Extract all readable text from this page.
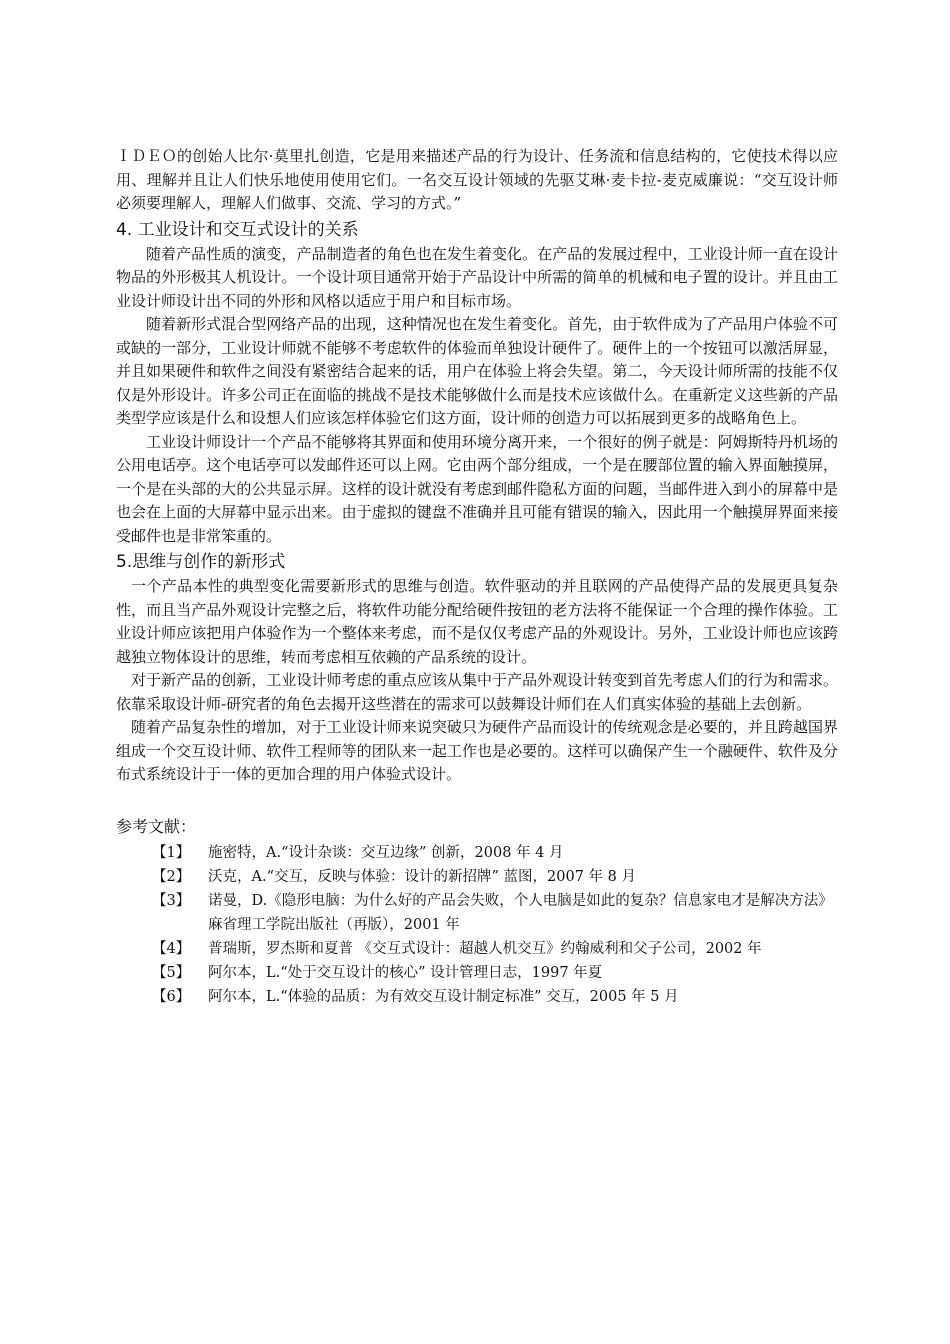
ＩＤＥＯ的创始人比尔·莫里扎创造，它是用来描述产品的行为设计、任务流和信息结构的，它使技术得以应用、理解并且让人们快乐地使用使用它们。一名交互设计领域的先驱艾琳·麦卡拉-麦克威廉说：“交互设计师必须要理解人，理解人们做事、交流、学习的方式。”

4. 工业设计和交互式设计的关系

随着产品性质的演变，产品制造者的角色也在发生着变化。在产品的发展过程中，工业设计师一直在设计物品的外形极其人机设计。一个设计项目通常开始于产品设计中所需的简单的机械和电子置的设计。并且由工业设计师设计出不同的外形和风格以适应于用户和目标市场。

随着新形式混合型网络产品的出现，这种情况也在发生着变化。首先，由于软件成为了产品用户体验不可或缺的一部分，工业设计师就不能够不考虑软件的体验而单独设计硬件了。硬件上的一个按钮可以激活屏显，并且如果硬件和软件之间没有紧密结合起来的话，用户在体验上将会失望。第二，今天设计师所需的技能不仅仅是外形设计。许多公司正在面临的挑战不是技术能够做什么而是技术应该做什么。在重新定义这些新的产品类型学应该是什么和设想人们应该怎样体验它们这方面，设计师的创造力可以拓展到更多的战略角色上。

工业设计师设计一个产品不能够将其界面和使用环境分离开来，一个很好的例子就是：阿姆斯特丹机场的公用电话亭。这个电话亭可以发邮件还可以上网。它由两个部分组成，一个是在腰部位置的输入界面触摸屏，一个是在头部的大的公共显示屏。这样的设计就没有考虑到邮件隐私方面的问题，当邮件进入到小的屏幕中是也会在上面的大屏幕中显示出来。由于虚拟的键盘不准确并且可能有错误的输入，因此用一个触摸屏界面来接受邮件也是非常笨重的。

5.思维与创作的新形式

一个产品本性的典型变化需要新形式的思维与创造。软件驱动的并且联网的产品使得产品的发展更具复杂性，而且当产品外观设计完整之后，将软件功能分配给硬件按钮的老方法将不能保证一个合理的操作体验。工业设计师应该把用户体验作为一个整体来考虑，而不是仅仅考虑产品的外观设计。另外，工业设计师也应该跨越独立物体设计的思维，转而考虑相互依赖的产品系统的设计。

对于新产品的创新，工业设计师考虑的重点应该从集中于产品外观设计转变到首先考虑人们的行为和需求。依靠采取设计师-研究者的角色去揭开这些潜在的需求可以鼓舞设计师们在人们真实体验的基础上去创新。

随着产品复杂性的增加，对于工业设计师来说突破只为硬件产品而设计的传统观念是必要的，并且跨越国界组成一个交互设计师、软件工程师等的团队来一起工作也是必要的。这样可以确保产生一个融硬件、软件及分布式系统设计于一体的更加合理的用户体验式设计。

参考文献：
【1】	施密特，A.“设计杂谈：交互边缘” 创新，2008 年 4 月
【2】	沃克，A.“交互，反映与体验：设计的新招牌” 蓝图，2007 年 8 月
【3】	诺曼，D.《隐形电脑：为什么好的产品会失败，个人电脑是如此的复杂？信息家电才是解决方法》 麻省理工学院出版社（再版），2001 年
【4】	普瑞斯，罗杰斯和夏普 《交互式设计：超越人机交互》约翰威利和父子公司，2002 年
【5】	阿尔本，L.“处于交互设计的核心” 设计管理日志，1997 年夏
【6】	阿尔本，L.“体验的品质：为有效交互设计制定标准” 交互，2005 年 5 月
